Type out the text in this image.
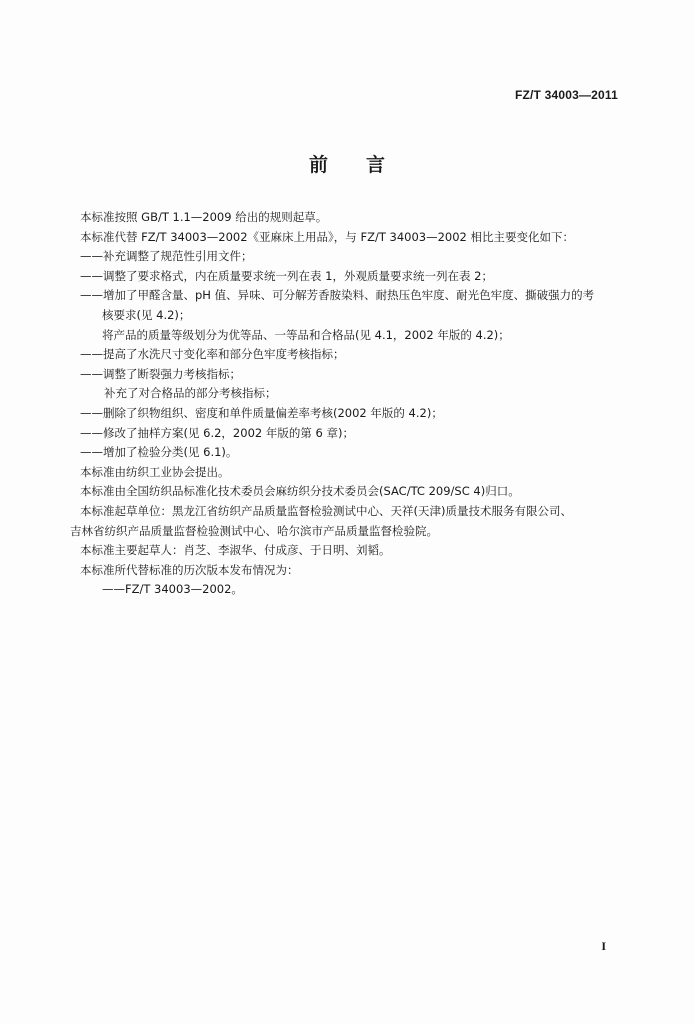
FZ/T 34003—2011
前言
本标准按照 GB/T 1.1—2009 给出的规则起草。
本标准代替 FZ/T 34003—2002《亚麻床上用品》，与 FZ/T 34003—2002 相比主要变化如下：
——补充调整了规范性引用文件；
——调整了要求格式，内在质量要求统一列在表 1，外观质量要求统一列在表 2；
——增加了甲醛含量、pH 值、异味、可分解芳香胺染料、耐热压色牢度、耐光色牢度、撕破强力的考
核要求(见 4.2)；
将产品的质量等级划分为优等品、一等品和合格品(见 4.1，2002 年版的 4.2)；
——提高了水洗尺寸变化率和部分色牢度考核指标；
——调整了断裂强力考核指标；
补充了对合格品的部分考核指标；
——删除了织物组织、密度和单件质量偏差率考核(2002 年版的 4.2)；
——修改了抽样方案(见 6.2，2002 年版的第 6 章)；
——增加了检验分类(见 6.1)。
本标准由纺织工业协会提出。
本标准由全国纺织品标准化技术委员会麻纺织分技术委员会(SAC/TC 209/SC 4)归口。
本标准起草单位：黑龙江省纺织产品质量监督检验测试中心、天祥(天津)质量技术服务有限公司、
吉林省纺织产品质量监督检验测试中心、哈尔滨市产品质量监督检验院。
本标准主要起草人：肖芝、李淑华、付成彦、于日明、刘韬。
本标准所代替标准的历次版本发布情况为：
——FZ/T 34003—2002。
I
